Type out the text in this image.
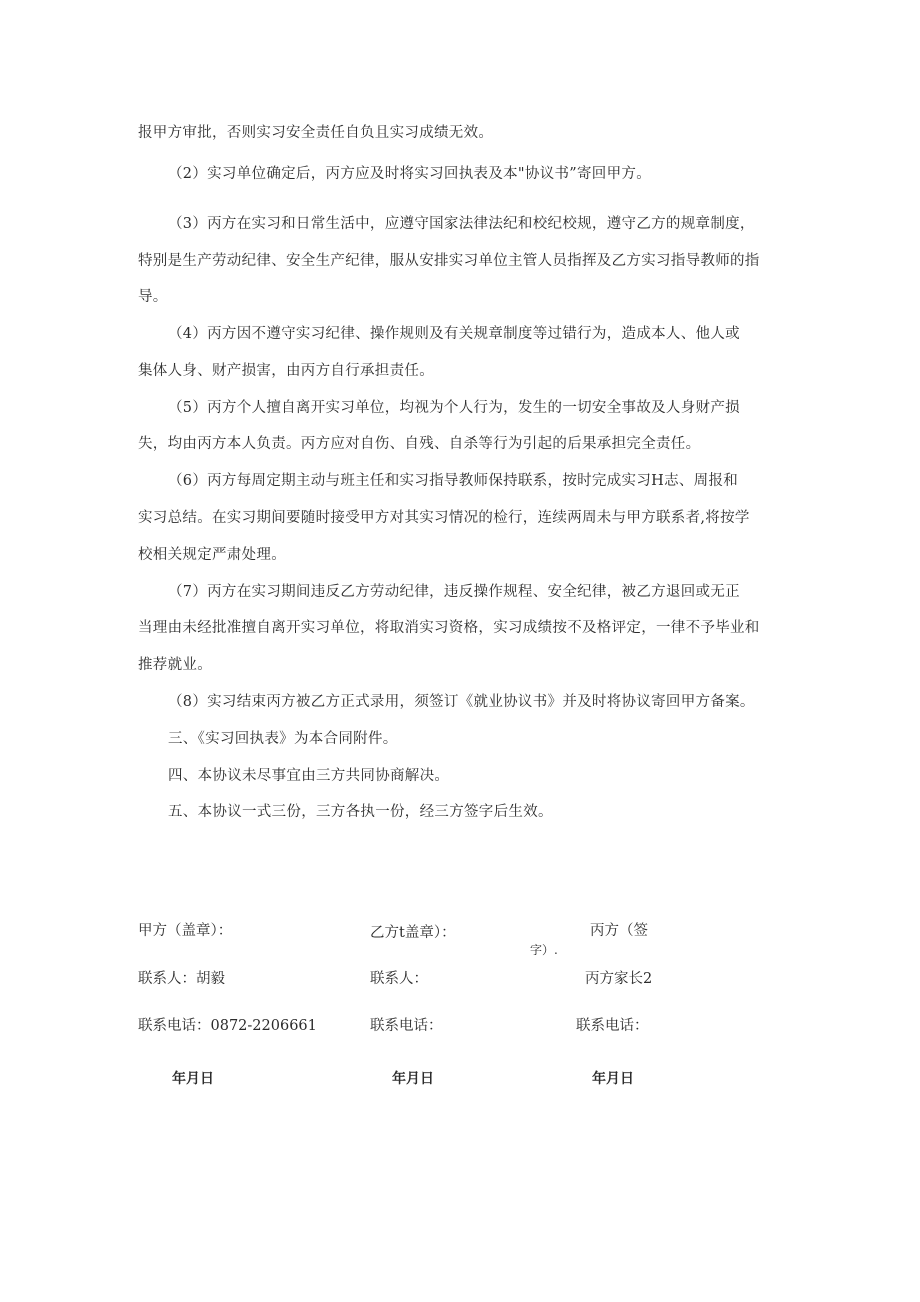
报甲方审批，否则实习安全责任自负且实习成绩无效。
（2）实习单位确定后，丙方应及时将实习回执表及本"协议书”寄回甲方。
（3）丙方在实习和日常生活中，应遵守国家法律法纪和校纪校规，遵守乙方的规章制度，
特别是生产劳动纪律、安全生产纪律，服从安排实习单位主管人员指挥及乙方实习指导教师的指
导。
（4）丙方因不遵守实习纪律、操作规则及有关规章制度等过错行为，造成本人、他人或
集体人身、财产损害，由丙方自行承担责任。
（5）丙方个人擅自离开实习单位，均视为个人行为，发生的一切安全事故及人身财产损
失，均由丙方本人负责。丙方应对自伤、自残、自杀等行为引起的后果承担完全责任。
（6）丙方每周定期主动与班主任和实习指导教师保持联系，按时完成实习H志、周报和
实习总结。在实习期间要随时接受甲方对其实习情况的检行，连续两周未与甲方联系者,将按学
校相关规定严肃处理。
（7）丙方在实习期间违反乙方劳动纪律，违反操作规程、安全纪律，被乙方退回或无正
当理由未经批准擅自离开实习单位，将取消实习资格，实习成绩按不及格评定，一律不予毕业和
推荐就业。
（8）实习结束丙方被乙方正式录用，须签订《就业协议书》并及时将协议寄回甲方备案。
三、《实习回执表》为本合同附件。
四、本协议未尽事宜由三方共同协商解决。
五、本协议一式三份，三方各执一份，经三方签字后生效。
甲方（盖章）：	乙方t盖章）：	丙方（签
字）.
联系人：胡毅	联系人：	丙方家长2
联系电话：0872-2206661	联系电话：	联系电话：
年月日	年月日	年月日
